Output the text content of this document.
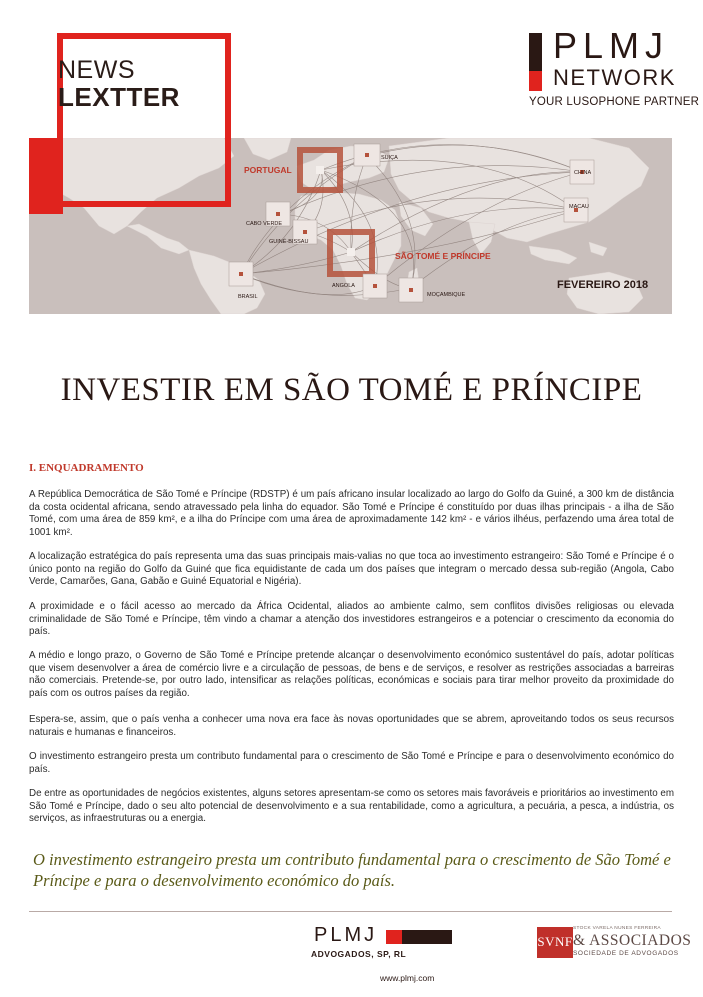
NEWS
LEXTTER
PLMJ
NETWORK
YOUR LUSOPHONE PARTNER
PORTUGAL
SUIÇA
CHINA
MACAU
CABO VERDE
GUINÉ-BISSAU
SÃO TOMÉ E PRÍNCIPE
ANGOLA
MOÇAMBIQUE
BRASIL
FEVEREIRO 2018
INVESTIR EM SÃO TOMÉ E PRÍNCIPE
I. ENQUADRAMENTO
A República Democrática de São Tomé e Príncipe (RDSTP) é um país africano insular localizado ao largo do Golfo da Guiné, a 300 km de distância da costa ocidental africana, sendo atravessado pela linha do equador. São Tomé e Príncipe é constituído por duas ilhas principais - a ilha de São Tomé, com uma área de 859 km², e a ilha do Príncipe com uma área de aproximadamente 142 km² - e vários ilhéus, perfazendo uma área total de 1001 km².
A localização estratégica do país representa uma das suas principais mais-valias no que toca ao investimento estrangeiro: São Tomé e Príncipe é o único ponto na região do Golfo da Guiné que fica equidistante de cada um dos países que integram o mercado dessa sub-região (Angola, Cabo Verde, Camarões, Gana, Gabão e Guiné Equatorial e Nigéria).
A proximidade e o fácil acesso ao mercado da África Ocidental, aliados ao ambiente calmo, sem conflitos divisões religiosas ou elevada criminalidade de São Tomé e Príncipe, têm vindo a chamar a atenção dos investidores estrangeiros e a potenciar o crescimento da economia do país.
A médio e longo prazo, o Governo de São Tomé e Príncipe pretende alcançar o desenvolvimento económico sustentável do país, adotar políticas que visem desenvolver a área de comércio livre e a circulação de pessoas, de bens e de serviços, e resolver as restrições associadas a barreiras não comerciais. Pretende-se, por outro lado, intensificar as relações políticas, económicas e sociais para tirar melhor proveito da proximidade do país com os outros países da região.
Espera-se, assim, que o país venha a conhecer uma nova era face às novas oportunidades que se abrem, aproveitando todos os seus recursos naturais e humanas e financeiros.
O investimento estrangeiro presta um contributo fundamental para o crescimento de São Tomé e Príncipe e para o desenvolvimento económico do país.
De entre as oportunidades de negócios existentes, alguns setores apresentam-se como os setores mais favoráveis e prioritários ao investimento em São Tomé e Príncipe, dado o seu alto potencial de desenvolvimento e a sua rentabilidade, como a agricultura, a pecuária, a pesca, a indústria, os serviços, as infraestruturas ou a energia.
O investimento estrangeiro presta um contributo fundamental para o crescimento de São Tomé e Príncipe e para o desenvolvimento económico do país.
PLMJ
ADVOGADOS, SP, RL
www.plmj.com
SVNF
STOCK VARELA NUNES FERREIRA
& ASSOCIADOS
SOCIEDADE DE ADVOGADOS
